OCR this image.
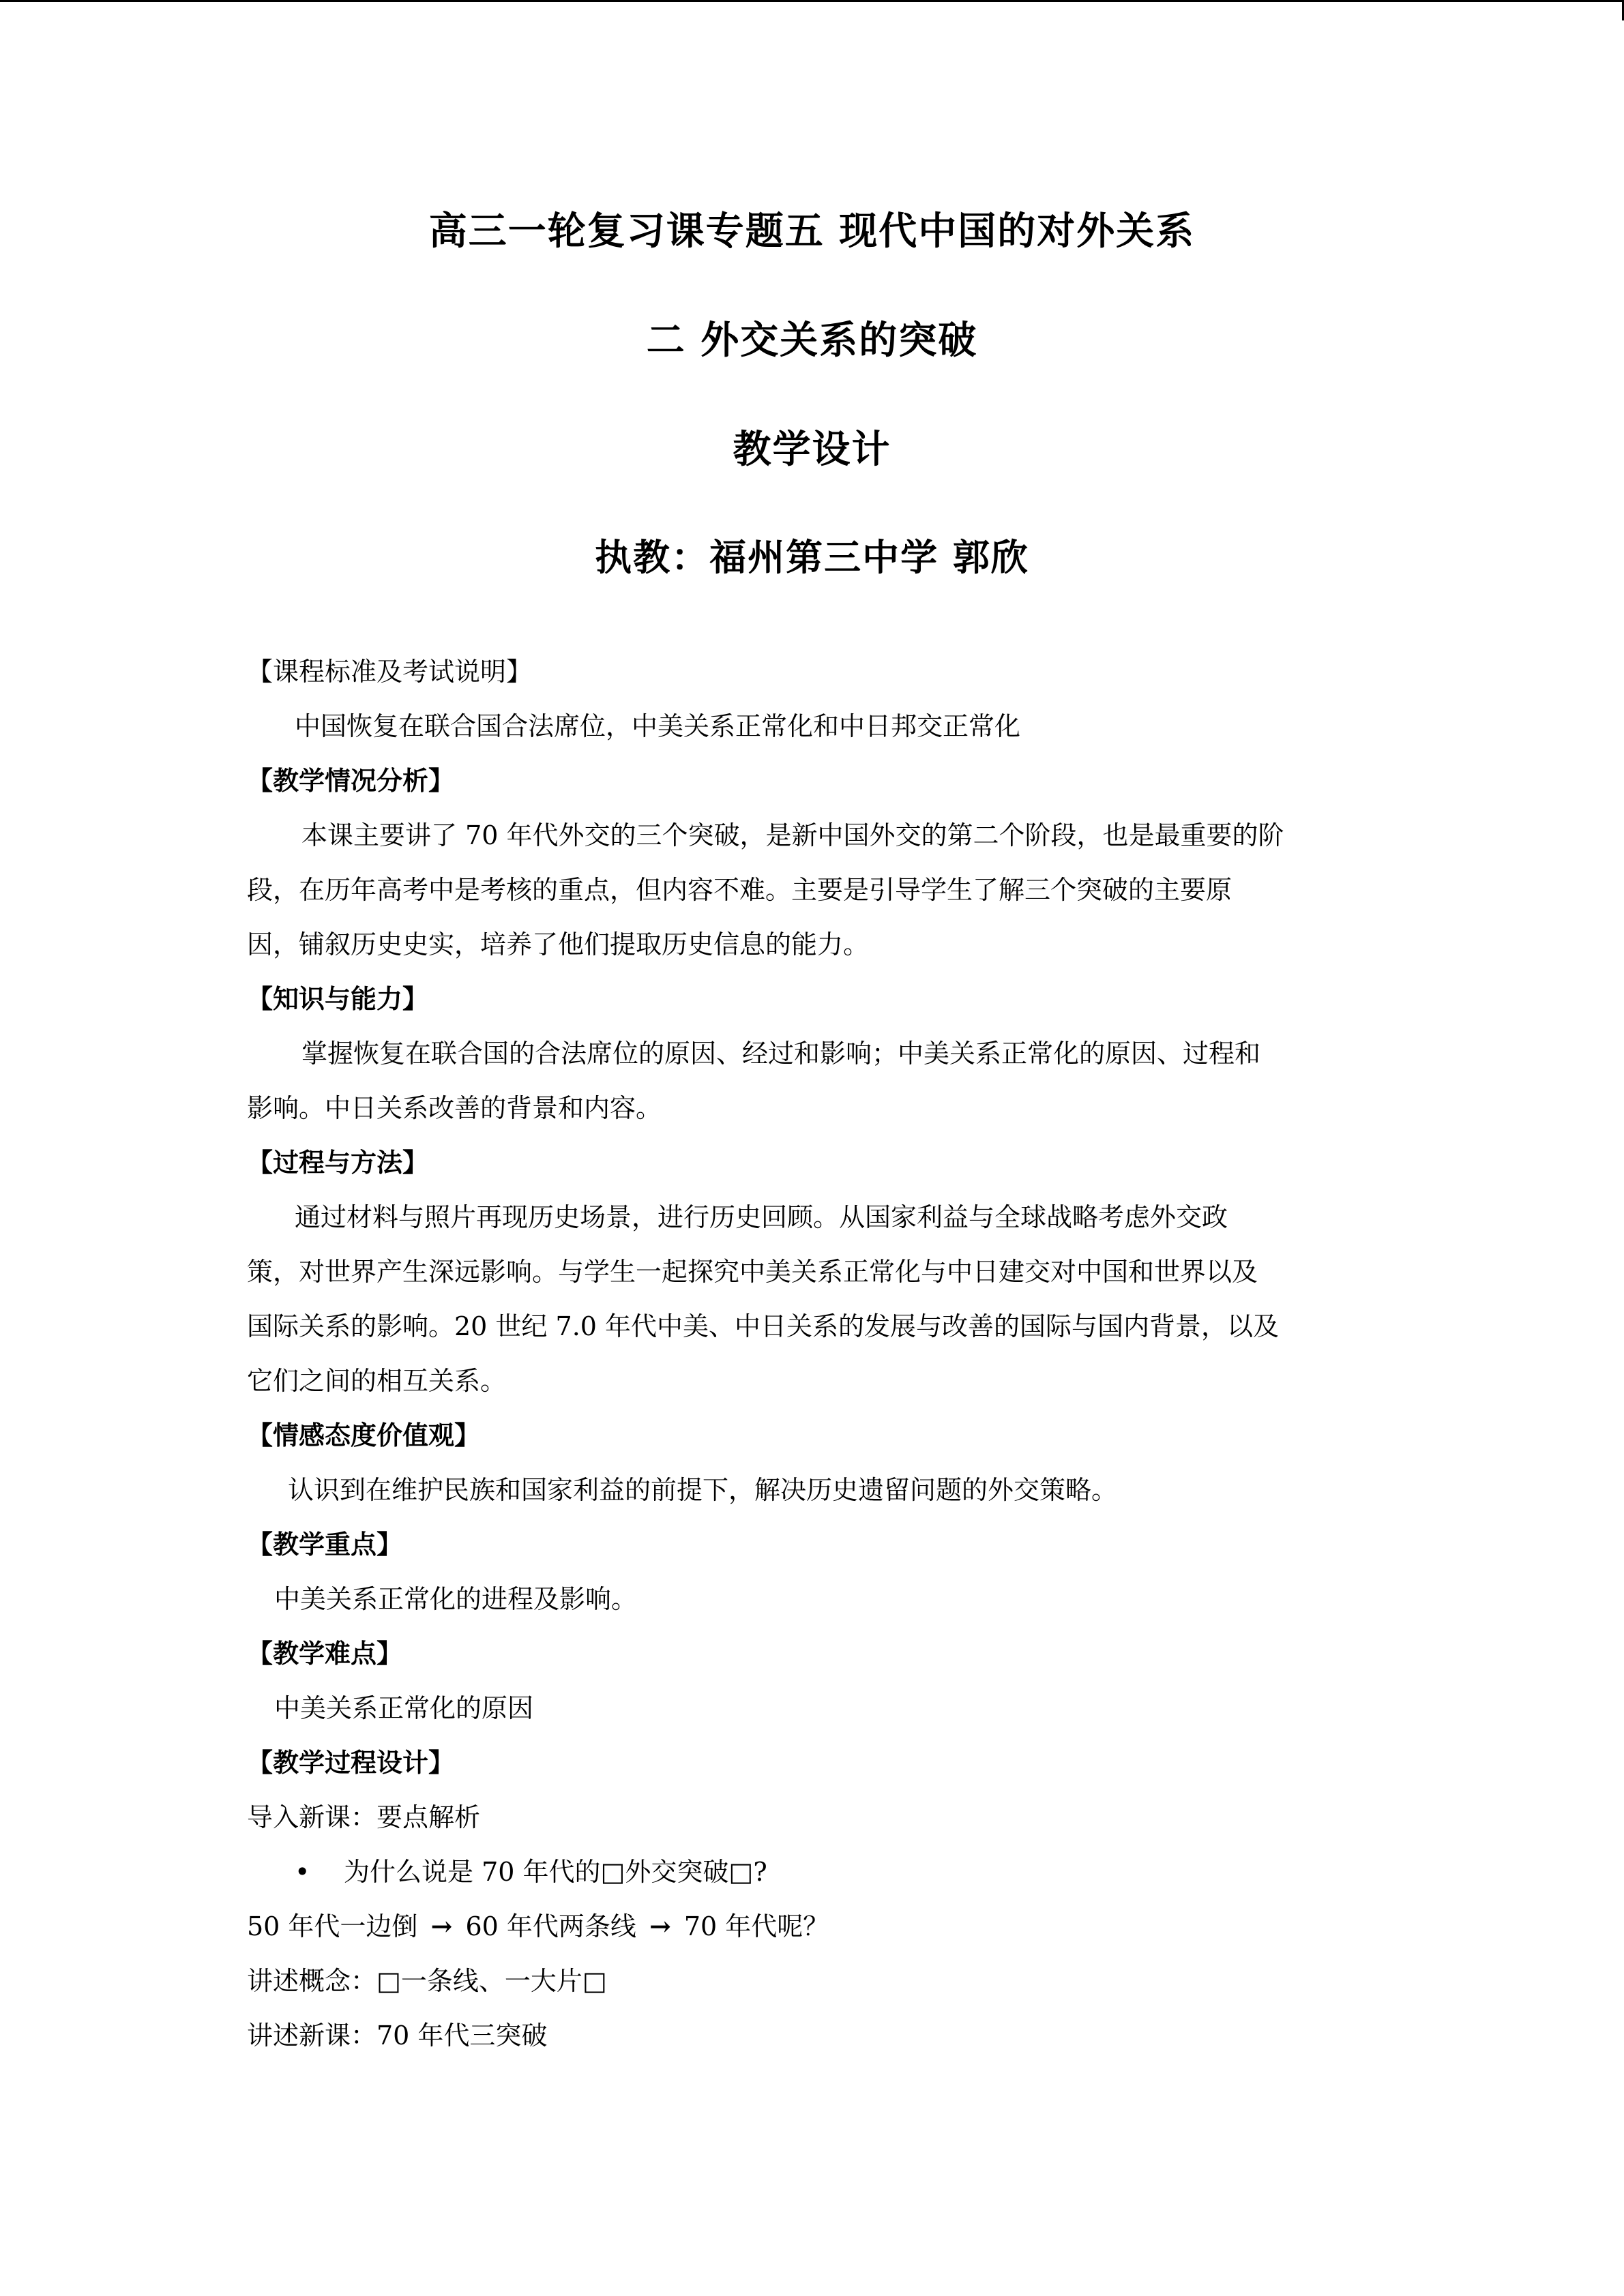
高三一轮复习课专题五 现代中国的对外关系
二 外交关系的突破
教学设计
执教：福州第三中学 郭欣
【课程标准及考试说明】
中国恢复在联合国合法席位，中美关系正常化和中日邦交正常化
【教学情况分析】
本课主要讲了 70 年代外交的三个突破，是新中国外交的第二个阶段，也是最重要的阶
段，在历年高考中是考核的重点，但内容不难。主要是引导学生了解三个突破的主要原
因，铺叙历史史实，培养了他们提取历史信息的能力。
【知识与能力】
掌握恢复在联合国的合法席位的原因、经过和影响；中美关系正常化的原因、过程和
影响。中日关系改善的背景和内容。
【过程与方法】
通过材料与照片再现历史场景，进行历史回顾。从国家利益与全球战略考虑外交政
策，对世界产生深远影响。与学生一起探究中美关系正常化与中日建交对中国和世界以及
国际关系的影响。20 世纪 7.0 年代中美、中日关系的发展与改善的国际与国内背景，以及
它们之间的相互关系。
【情感态度价值观】
认识到在维护民族和国家利益的前提下，解决历史遗留问题的外交策略。
【教学重点】
中美关系正常化的进程及影响。
【教学难点】
中美关系正常化的原因
【教学过程设计】
导入新课：要点解析
• 为什么说是 70 年代的□外交突破□?
50 年代一边倒 → 60 年代两条线 → 70 年代呢？
讲述概念：□一条线、一大片□
讲述新课：70 年代三突破
